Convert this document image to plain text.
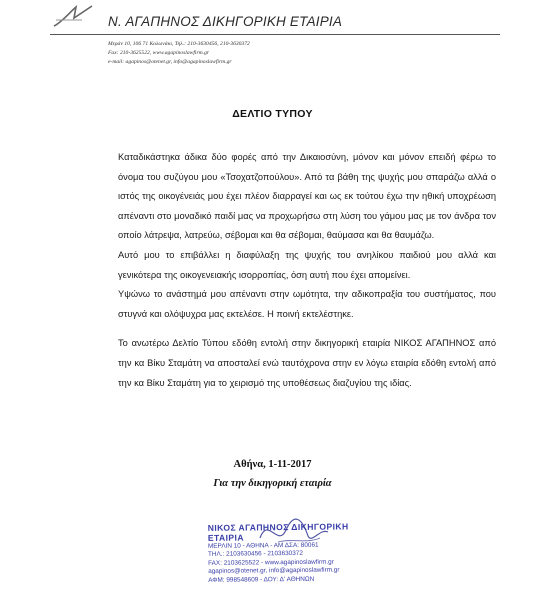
Ν. ΑΓΑΠΗΝΟΣ ΔΙΚΗΓΟΡΙΚΗ ΕΤΑΙΡΙΑ
Μεράν 10, 106 71 Κολωνάκι, Τηλ.: 210-3630456, 210-3630372
Fax: 210-3625522, www.agapinoslawfirm.gr
e-mail: agapinos@otenet.gr, info@agapinoslawfirm.gr
ΔΕΛΤΙΟ ΤΥΠΟΥ

Καταδικάστηκα άδικα δύο φορές από την Δικαιοσύνη, μόνον και μόνον επειδή φέρω το όνομα του συζύγου μου «Τσοχατζοπούλου». Από τα βάθη της ψυχής μου σπαράζω αλλά ο ιστός της οικογένειάς μου έχει πλέον διαρραγεί και ως εκ τούτου έχω την ηθική υποχρέωση απέναντι στο μοναδικό παιδί μας να προχωρήσω στη λύση του γάμου μας με τον άνδρα τον οποίο λάτρεψα, λατρεύω, σέβομαι και θα σέβομαι, θαύμασα και θα θαυμάζω.

Αυτό μου το επιβάλλει η διαφύλαξη της ψυχής του ανηλίκου παιδιού μου αλλά και γενικότερα της οικογενειακής ισορροπίας, όση αυτή που έχει απομείνει.

Υψώνω το ανάστημά μου απέναντι στην ωμότητα, την αδικοπραξία του συστήματος, που στυγνά και ολόψυχρα μας εκτελέσε. Η ποινή εκτελέστηκε.

Το ανωτέρω Δελτίο Τύπου εδόθη εντολή στην δικηγορική εταιρία ΝΙΚΟΣ ΑΓΑΠΗΝΟΣ από την κα Βίκυ Σταμάτη να αποσταλεί ενώ ταυτόχρονα στην εν λόγω εταιρία εδόθη εντολή από την κα Βίκυ Σταμάτη για το χειρισμό της υποθέσεως διαζυγίου της ιδίας.

Αθήνα, 1-11-2017
Για την δικηγορική εταιρία
ΝΙΚΟΣ ΑΓΑΠΗΝΟΣ ΔΙΚΗΓΟΡΙΚΗ ΕΤΑΙΡΙΑ
ΜΕΡΛΙΝ 10 - ΑΘΗΝΑ - ΑΜ ΔΣΑ: 80061
ΤΗΛ.: 2103630456 - 2103630372
FAX: 2103625522 - www.agapinoslawfirm.gr
agapinos@otenet.gr, info@agapinoslawfirm.gr
ΑΦΜ: 998548609 - ΔΟΥ: Δ' ΑΘΗΝΩΝ
